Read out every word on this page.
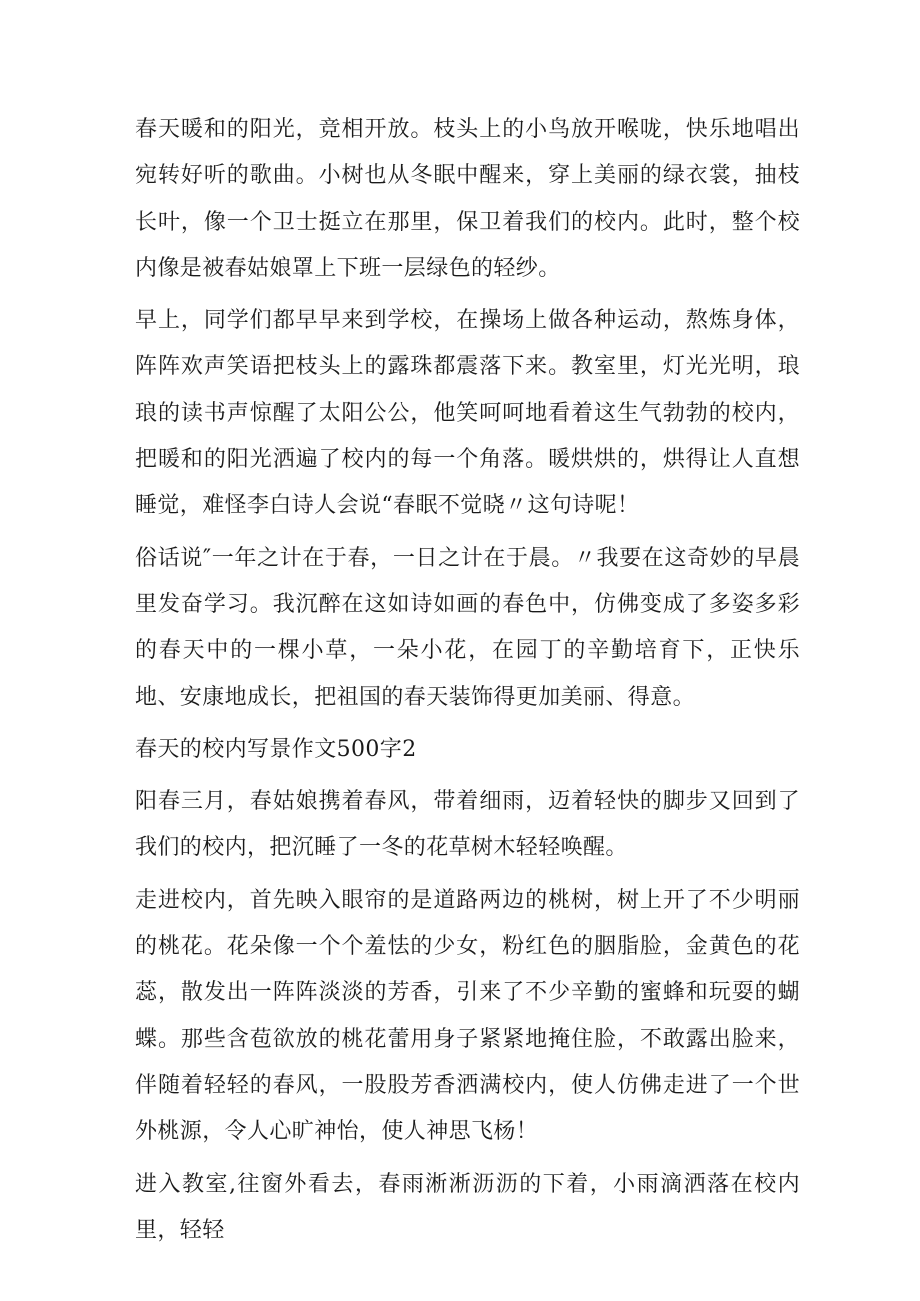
春天暖和的阳光，竞相开放。枝头上的小鸟放开喉咙，快乐地唱出宛转好听的歌曲。小树也从冬眠中醒来，穿上美丽的绿衣裳，抽枝长叶，像一个卫士挺立在那里，保卫着我们的校内。此时，整个校内像是被春姑娘罩上下班一层绿色的轻纱。

早上，同学们都早早来到学校，在操场上做各种运动，熬炼身体，阵阵欢声笑语把枝头上的露珠都震落下来。教室里，灯光光明，琅琅的读书声惊醒了太阳公公，他笑呵呵地看着这生气勃勃的校内，把暖和的阳光洒遍了校内的每一个角落。暖烘烘的，烘得让人直想睡觉，难怪李白诗人会说“春眠不觉晓〃这句诗呢！

俗话说″一年之计在于春，一日之计在于晨。〃我要在这奇妙的早晨里发奋学习。我沉醉在这如诗如画的春色中，仿佛变成了多姿多彩的春天中的一棵小草，一朵小花，在园丁的辛勤培育下，正快乐地、安康地成长，把祖国的春天装饰得更加美丽、得意。

春天的校内写景作文500字2

阳春三月，春姑娘携着春风，带着细雨，迈着轻快的脚步又回到了我们的校内，把沉睡了一冬的花草树木轻轻唤醒。

走进校内，首先映入眼帘的是道路两边的桃树，树上开了不少明丽的桃花。花朵像一个个羞怯的少女，粉红色的胭脂脸，金黄色的花蕊，散发出一阵阵淡淡的芳香，引来了不少辛勤的蜜蜂和玩耍的蝴蝶。那些含苞欲放的桃花蕾用身子紧紧地掩住脸，不敢露出脸来，伴随着轻轻的春风，一股股芳香洒满校内，使人仿佛走进了一个世外桃源，令人心旷神怡，使人神思飞杨！

进入教室,往窗外看去，春雨淅淅沥沥的下着，小雨滴洒落在校内里，轻轻
